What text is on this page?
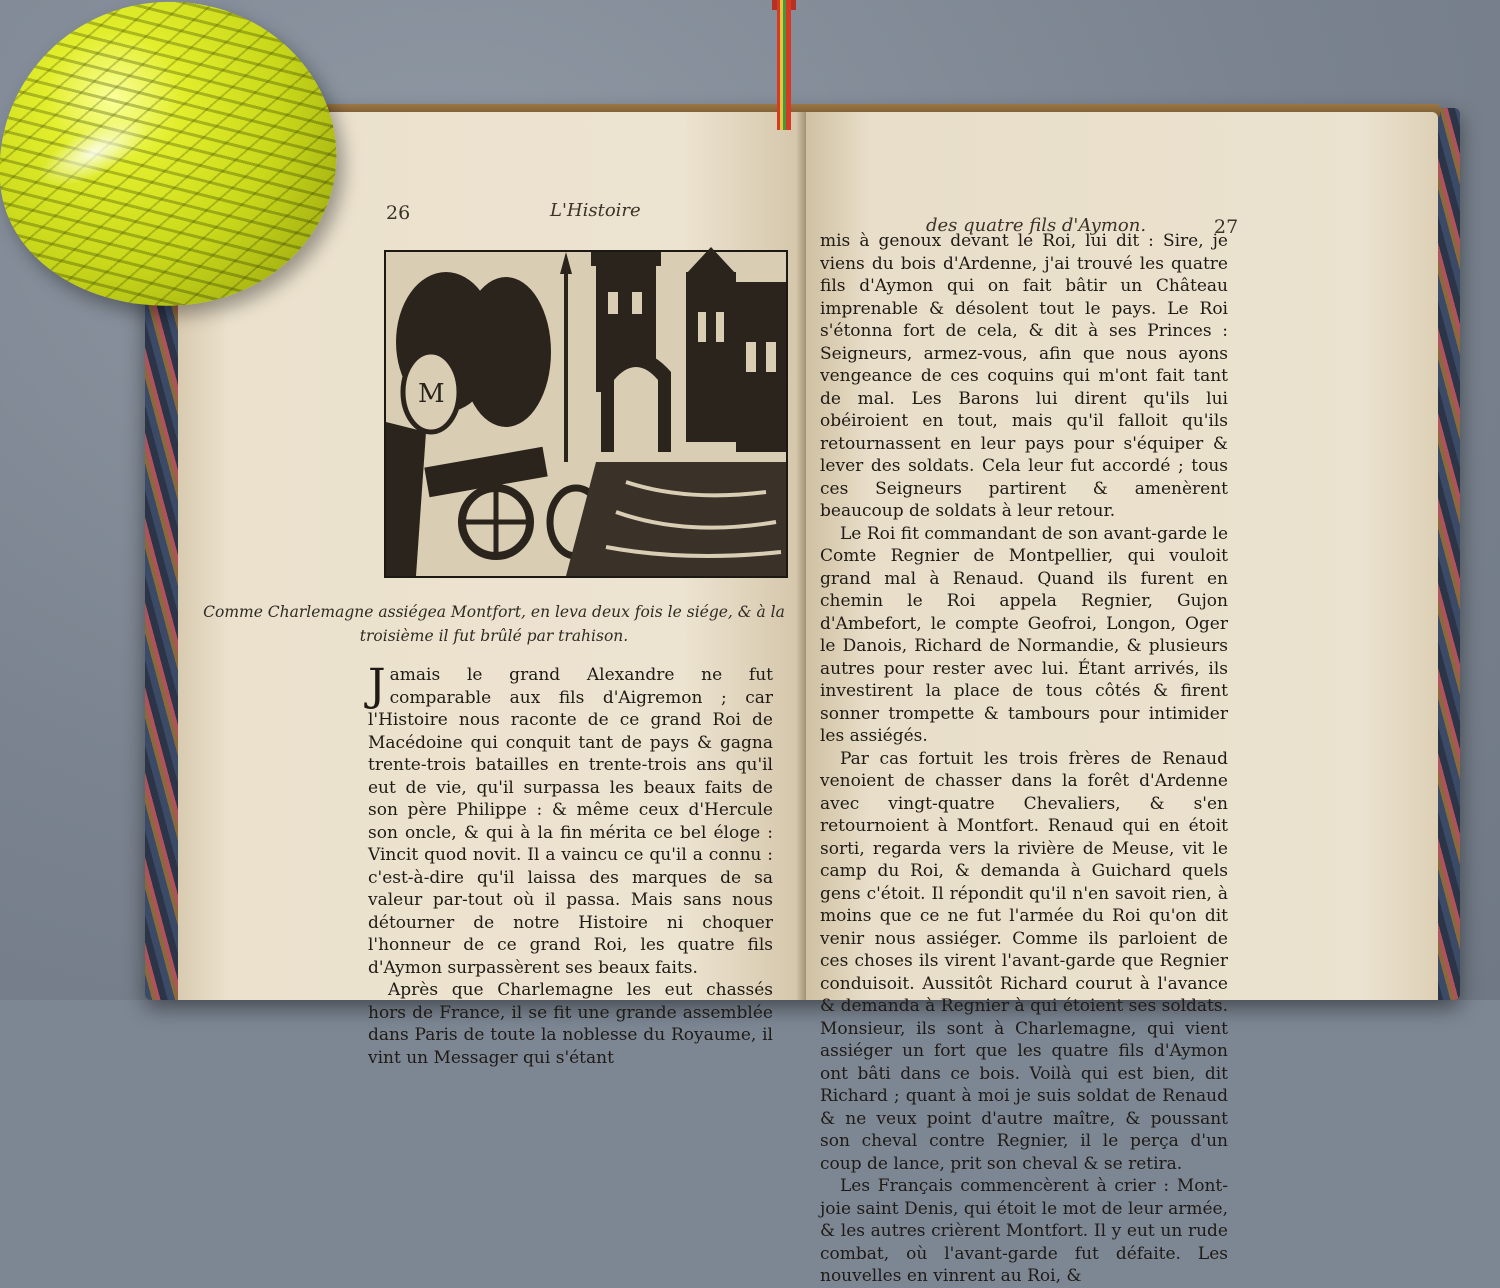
26	L'Histoire
M
Comme Charlemagne assiégea Montfort, en leva deux fois le siége, & à la troisième il fut brûlé par trahison.

Jamais le grand Alexandre ne fut comparable aux fils d'Aigremon ; car l'Histoire nous raconte de ce grand Roi de Macédoine qui conquit tant de pays & gagna trente-trois batailles en trente-trois ans qu'il eut de vie, qu'il surpassa les beaux faits de son père Philippe : & même ceux d'Hercule son oncle, & qui à la fin mérita ce bel éloge : Vincit quod novit. Il a vaincu ce qu'il a connu : c'est-à-dire qu'il laissa des marques de sa valeur par-tout où il passa. Mais sans nous détourner de notre Histoire ni choquer l'honneur de ce grand Roi, les quatre fils d'Aymon surpassèrent ses beaux faits.

Après que Charlemagne les eut chassés hors de France, il se fit une grande assemblée dans Paris de toute la noblesse du Royaume, il vint un Messager qui s'étant

des quatre fils d'Aymon.	27

mis à genoux devant le Roi, lui dit : Sire, je viens du bois d'Ardenne, j'ai trouvé les quatre fils d'Aymon qui on fait bâtir un Château imprenable & désolent tout le pays. Le Roi s'étonna fort de cela, & dit à ses Princes : Seigneurs, armez-vous, afin que nous ayons vengeance de ces coquins qui m'ont fait tant de mal. Les Barons lui dirent qu'ils lui obéiroient en tout, mais qu'il falloit qu'ils retournassent en leur pays pour s'équiper & lever des soldats. Cela leur fut accordé ; tous ces Seigneurs partirent & amenèrent beaucoup de soldats à leur retour.

Le Roi fit commandant de son avant-garde le Comte Regnier de Montpellier, qui vouloit grand mal à Renaud. Quand ils furent en chemin le Roi appela Regnier, Gujon d'Ambefort, le compte Geofroi, Longon, Oger le Danois, Richard de Normandie, & plusieurs autres pour rester avec lui. Étant arrivés, ils investirent la place de tous côtés & firent sonner trompette & tambours pour intimider les assiégés.

Par cas fortuit les trois frères de Renaud venoient de chasser dans la forêt d'Ardenne avec vingt-quatre Chevaliers, & s'en retournoient à Montfort. Renaud qui en étoit sorti, regarda vers la rivière de Meuse, vit le camp du Roi, & demanda à Guichard quels gens c'étoit. Il répondit qu'il n'en savoit rien, à moins que ce ne fut l'armée du Roi qu'on dit venir nous assiéger. Comme ils parloient de ces choses ils virent l'avant-garde que Regnier conduisoit. Aussitôt Richard courut à l'avance & demanda à Regnier à qui étoient ses soldats. Monsieur, ils sont à Charlemagne, qui vient assiéger un fort que les quatre fils d'Aymon ont bâti dans ce bois. Voilà qui est bien, dit Richard ; quant à moi je suis soldat de Renaud & ne veux point d'autre maître, & poussant son cheval contre Regnier, il le perça d'un coup de lance, prit son cheval & se retira.

Les Français commencèrent à crier : Mont-joie saint Denis, qui étoit le mot de leur armée, & les autres crièrent Montfort. Il y eut un rude combat, où l'avant-garde fut défaite. Les nouvelles en vinrent au Roi, &
